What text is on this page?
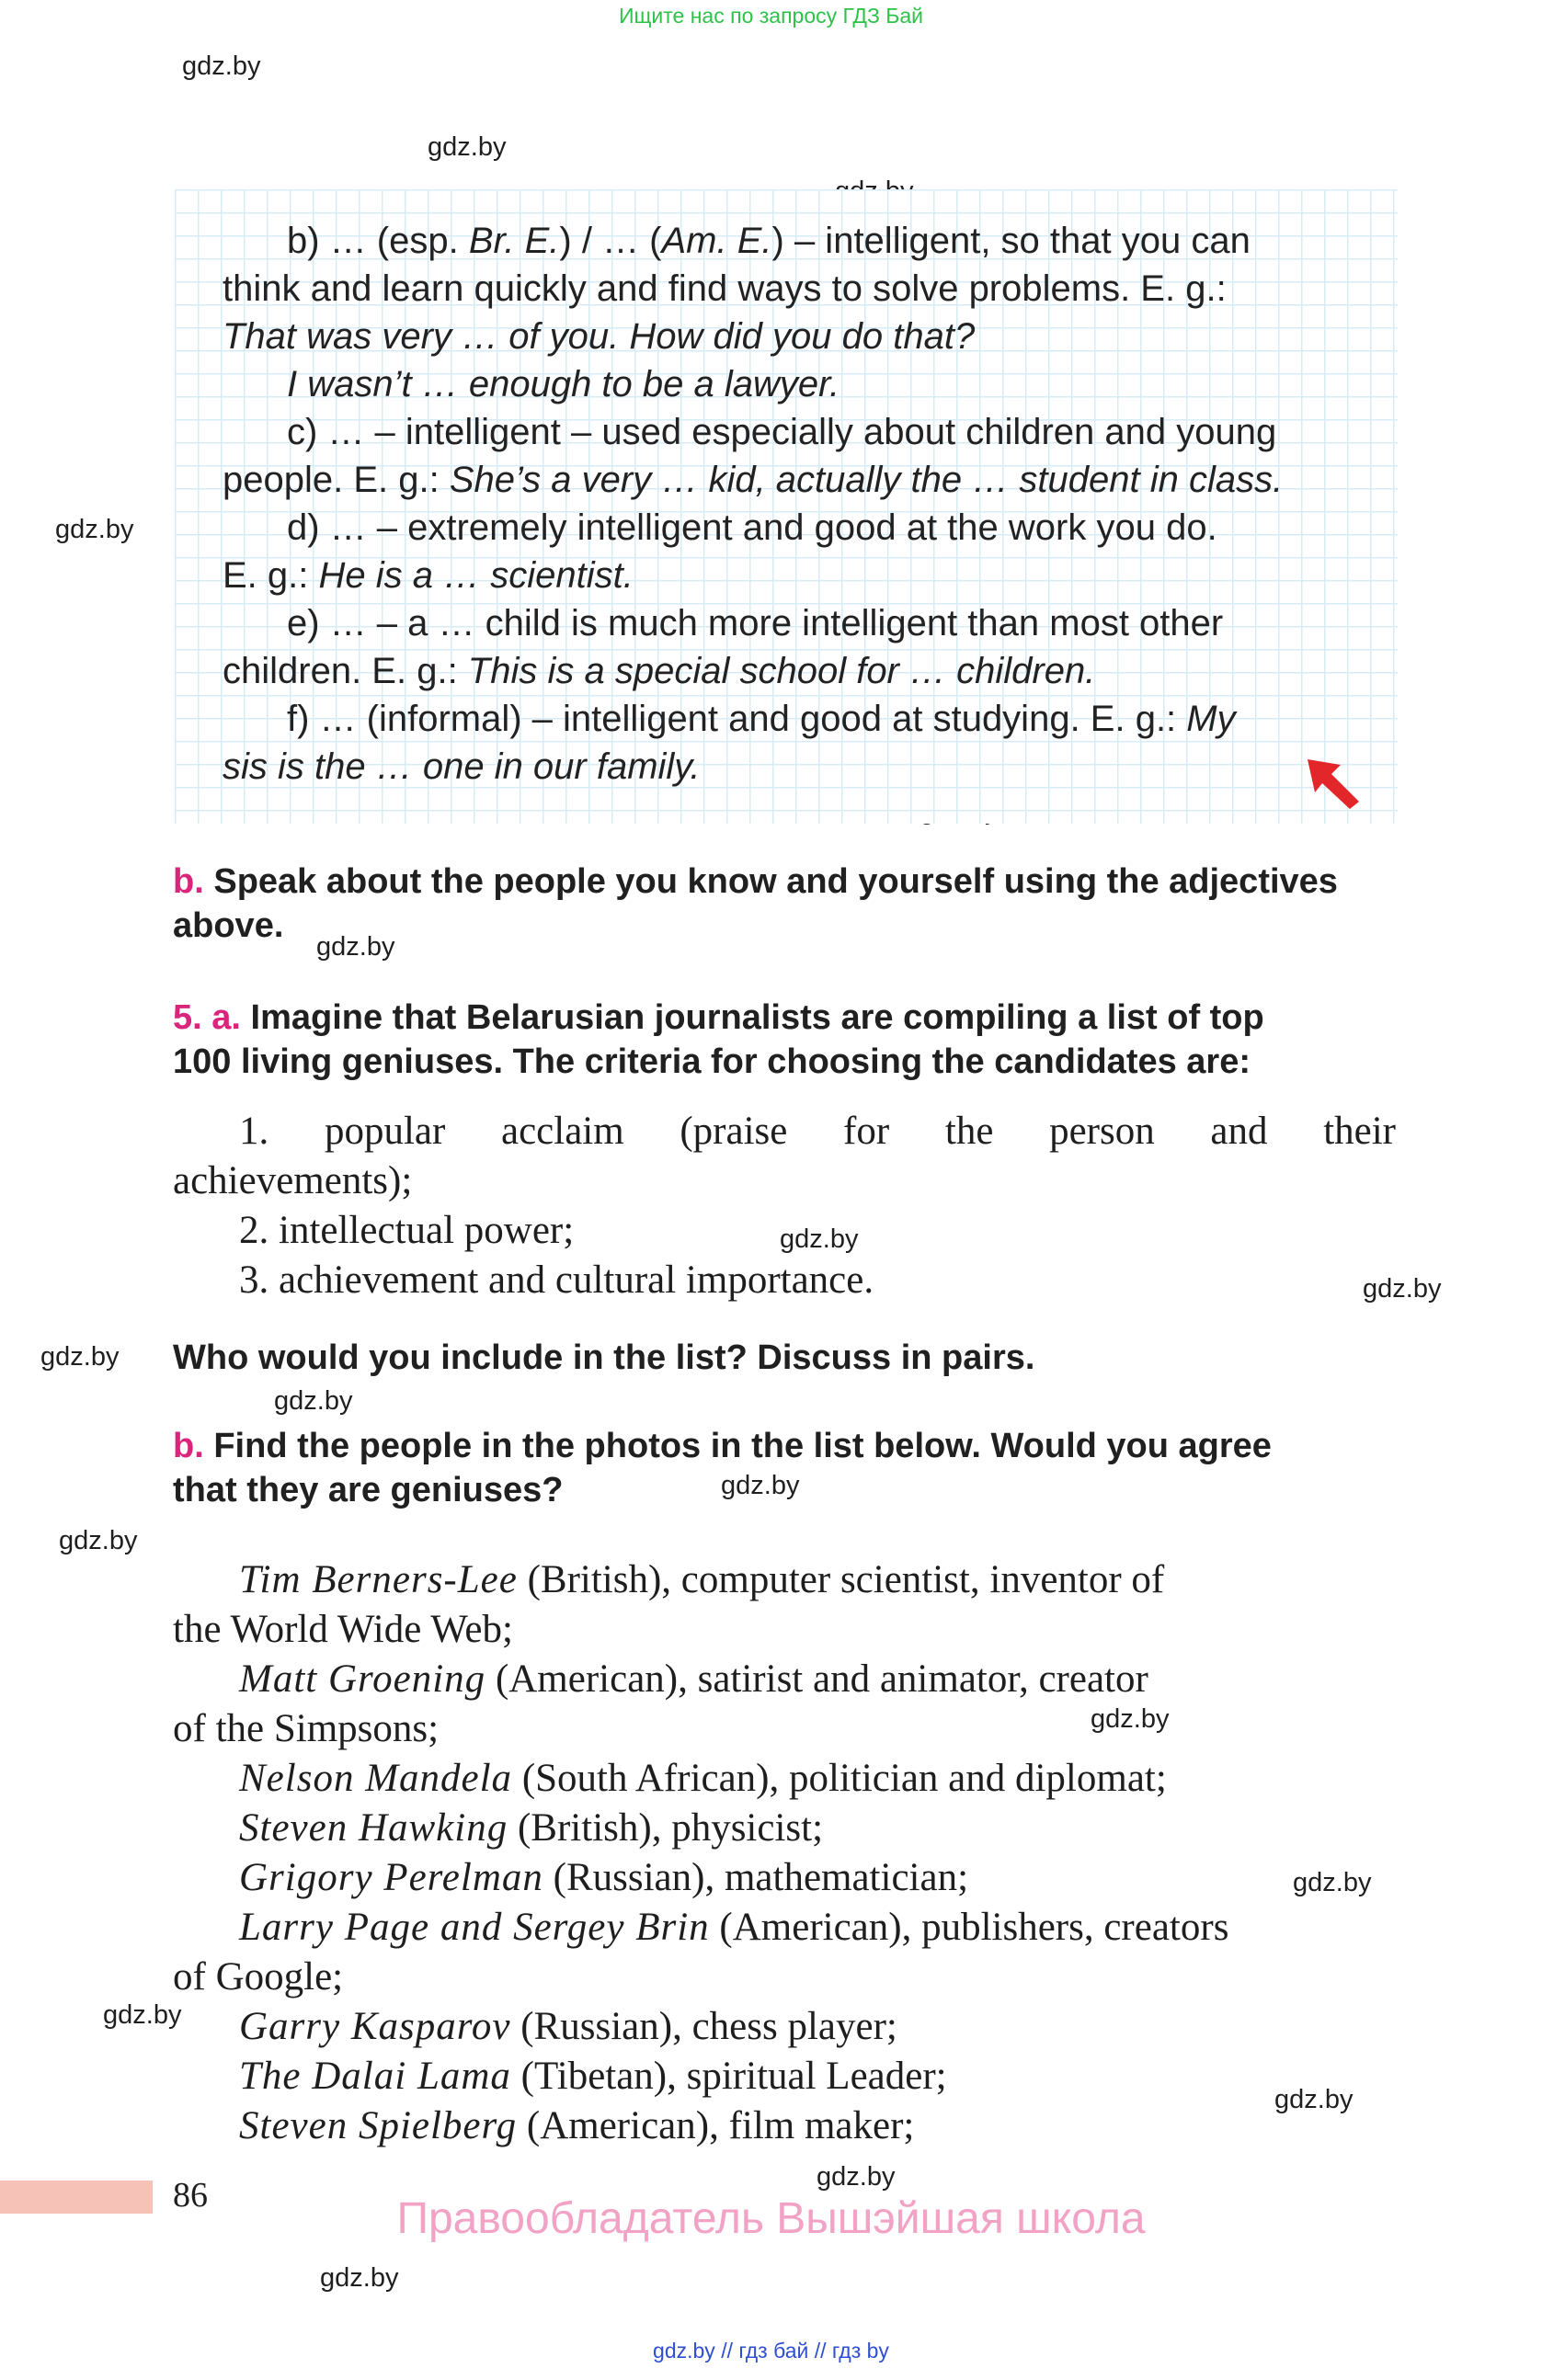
Ищите нас по запросу ГДЗ Бай
gdz.by
gdz.by
gdz.by
gdz.by
gdz.by
gdz.by
gdz.by
gdz.by
gdz.by
gdz.by
gdz.by
gdz.by
gdz.by
gdz.by
gdz.by
gdz.by
b) … (esp. Br. E.) / … (Am. E.) – intelligent, so that you can
think and learn quickly and find ways to solve problems. E. g.:
That was very … of you. How did you do that?
I wasn’t … enough to be a lawyer.
c) … – intelligent – used especially about children and young
people. E. g.: She’s a very … kid, actually the … student in class.
d) … – extremely intelligent and good at the work you do.
E. g.: He is a … scientist.
e) … – a … child is much more intelligent than most other
children. E. g.: This is a special school for … children.
f) … (informal) – intelligent and good at studying. E. g.: My
sis is the … one in our family.
b. Speak about the people you know and yourself using the adjectives
above.
5. a. Imagine that Belarusian journalists are compiling a list of top
100 living geniuses. The criteria for choosing the candidates are:
1. popular acclaim (praise for the person and their
achievements);
2. intellectual power;
3. achievement and cultural importance.
Who would you include in the list? Discuss in pairs.
b. Find the people in the photos in the list below. Would you agree
that they are geniuses?
Tim Berners-Lee (British), computer scientist, inventor of
the World Wide Web;
Matt Groening (American), satirist and animator, creator
of the Simpsons;
Nelson Mandela (South African), politician and diplomat;
Steven Hawking (British), physicist;
Grigory Perelman (Russian), mathematician;
Larry Page and Sergey Brin (American), publishers, creators
of Google;
Garry Kasparov (Russian), chess player;
The Dalai Lama (Tibetan), spiritual Leader;
Steven Spielberg (American), film maker;
86	Правообладатель Вышэйшая школа
gdz.by // гдз бай // гдз by
